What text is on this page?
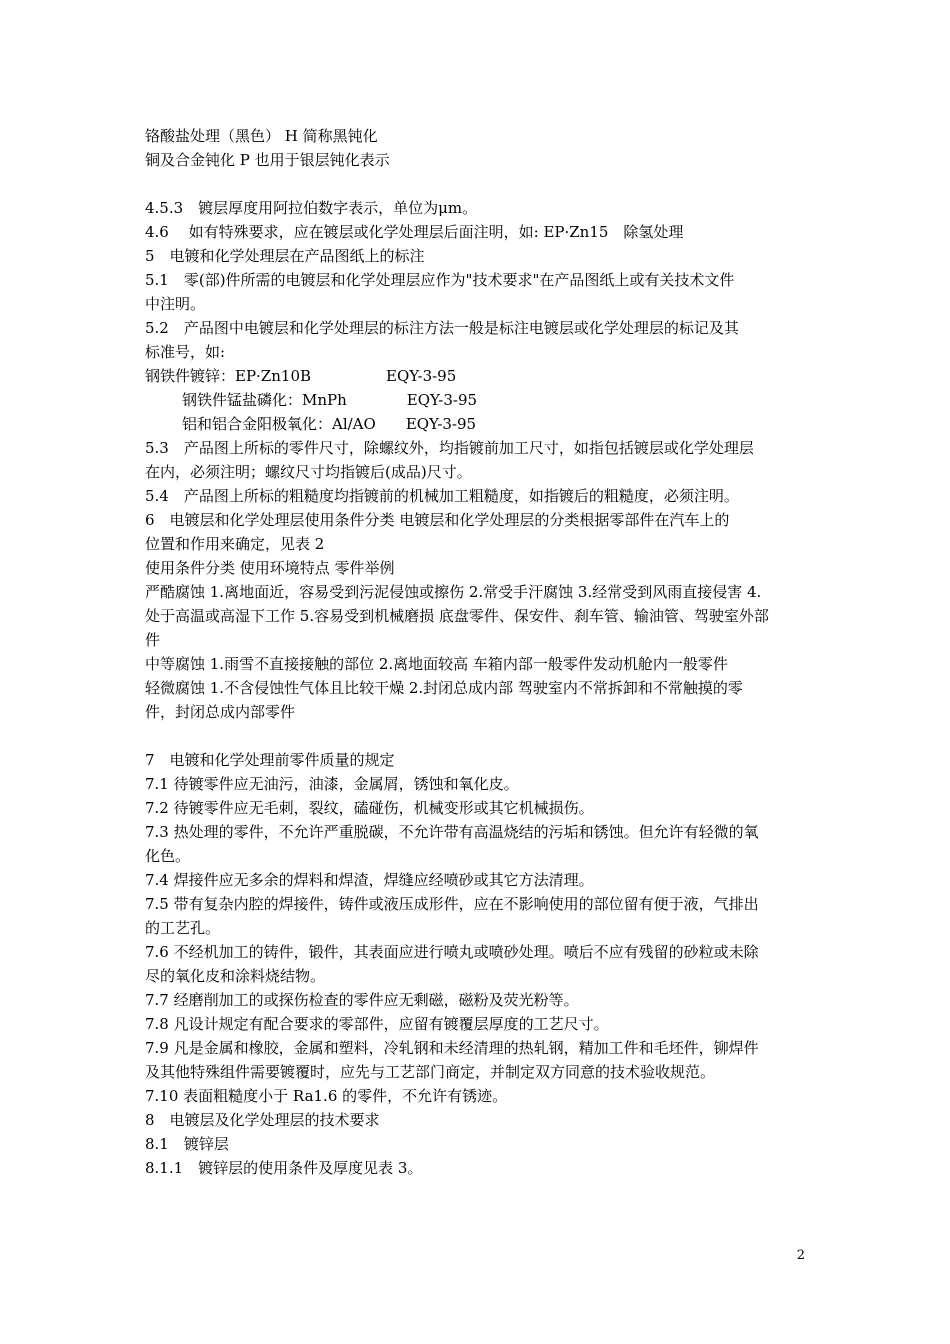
铬酸盐处理（黑色） H 简称黑钝化
铜及合金钝化 P 也用于银层钝化表示
4.5.3　镀层厚度用阿拉伯数字表示，单位为μm。
4.6　 如有特殊要求，应在镀层或化学处理层后面注明，如: EP·Zn15　除氢处理
5　电镀和化学处理层在产品图纸上的标注
5.1　零(部)件所需的电镀层和化学处理层应作为"技术要求"在产品图纸上或有关技术文件
中注明。
5.2　产品图中电镀层和化学处理层的标注方法一般是标注电镀层或化学处理层的标记及其
标准号，如:
钢铁件镀锌：EP·Zn10B　　　　　EQY-3-95
钢铁件锰盐磷化：MnPh　　　　EQY-3-95
铝和铝合金阳极氧化：Al/AO　　EQY-3-95
5.3　产品图上所标的零件尺寸，除螺纹外，均指镀前加工尺寸，如指包括镀层或化学处理层
在内，必须注明；螺纹尺寸均指镀后(成品)尺寸。
5.4　产品图上所标的粗糙度均指镀前的机械加工粗糙度，如指镀后的粗糙度，必须注明。
6　电镀层和化学处理层使用条件分类 电镀层和化学处理层的分类根据零部件在汽车上的
位置和作用来确定，见表 2
使用条件分类 使用环境特点 零件举例
严酷腐蚀 1.离地面近，容易受到污泥侵蚀或擦伤 2.常受手汗腐蚀 3.经常受到风雨直接侵害 4.
处于高温或高湿下工作 5.容易受到机械磨损 底盘零件、保安件、刹车管、输油管、驾驶室外部
件
中等腐蚀 1.雨雪不直接接触的部位 2.离地面较高 车箱内部一般零件发动机舱内一般零件
轻微腐蚀 1.不含侵蚀性气体且比较干燥 2.封闭总成内部 驾驶室内不常拆卸和不常触摸的零
件，封闭总成内部零件
7　电镀和化学处理前零件质量的规定
7.1 待镀零件应无油污，油漆，金属屑，锈蚀和氧化皮。
7.2 待镀零件应无毛刺，裂纹，磕碰伤，机械变形或其它机械损伤。
7.3 热处理的零件，不允许严重脱碳，不允许带有高温烧结的污垢和锈蚀。但允许有轻微的氧
化色。
7.4 焊接件应无多余的焊料和焊渣，焊缝应经喷砂或其它方法清理。
7.5 带有复杂内腔的焊接件，铸件或液压成形件，应在不影响使用的部位留有便于液，气排出
的工艺孔。
7.6 不经机加工的铸件，锻件，其表面应进行喷丸或喷砂处理。喷后不应有残留的砂粒或未除
尽的氧化皮和涂料烧结物。
7.7 经磨削加工的或探伤检查的零件应无剩磁，磁粉及荧光粉等。
7.8 凡设计规定有配合要求的零部件，应留有镀覆层厚度的工艺尺寸。
7.9 凡是金属和橡胶，金属和塑料，冷轧钢和未经清理的热轧钢，精加工件和毛坯件，铆焊件
及其他特殊组件需要镀覆时，应先与工艺部门商定，并制定双方同意的技术验收规范。
7.10 表面粗糙度小于 Ra1.6 的零件，不允许有锈迹。
8　电镀层及化学处理层的技术要求
8.1　镀锌层
8.1.1　镀锌层的使用条件及厚度见表 3。
2
